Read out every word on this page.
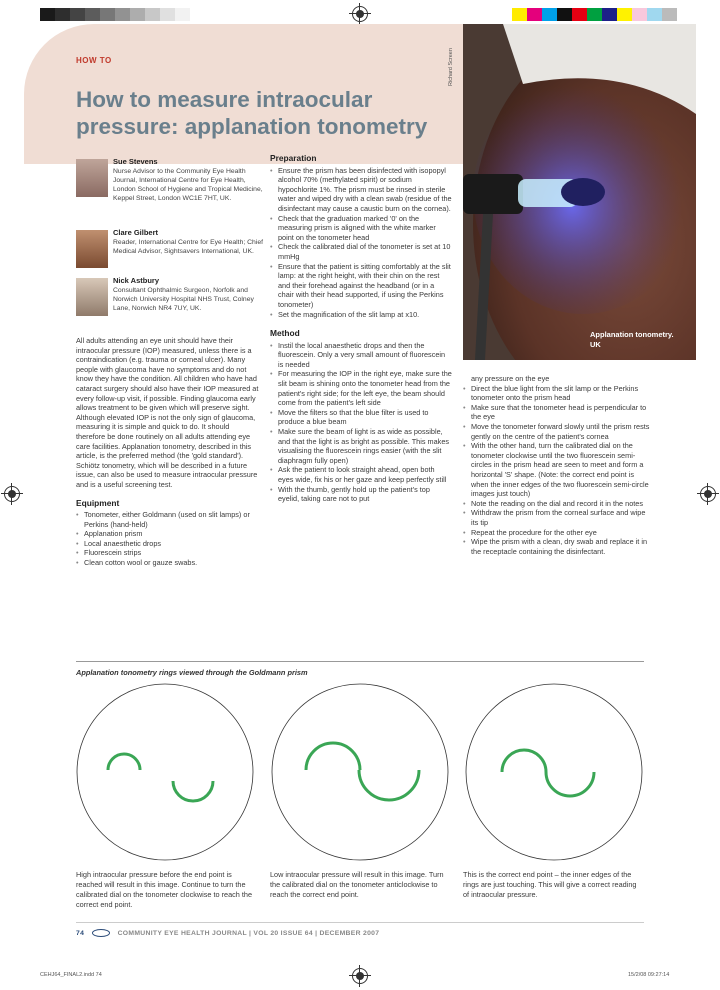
HOW TO
How to measure intraocular pressure: applanation tonometry
Richard Screen
Applanation tonometry. UK
Sue Stevens
Nurse Advisor to the Community Eye Health Journal, International Centre for Eye Health, London School of Hygiene and Tropical Medicine, Keppel Street, London WC1E 7HT, UK.
Clare Gilbert
Reader, International Centre for Eye Health; Chief Medical Advisor, Sightsavers International, UK.
Nick Astbury
Consultant Ophthalmic Surgeon, Norfolk and Norwich University Hospital NHS Trust, Colney Lane, Norwich NR4 7UY, UK.

All adults attending an eye unit should have their intraocular pressure (IOP) measured, unless there is a contraindication (e.g. trauma or corneal ulcer). Many people with glaucoma have no symptoms and do not know they have the condition. All children who have had cataract surgery should also have their IOP measured at every follow-up visit, if possible. Finding glaucoma early allows treatment to be given which will preserve sight. Although elevated IOP is not the only sign of glaucoma, measuring it is simple and quick to do. It should therefore be done routinely on all adults attending eye care facilities. Applanation tonometry, described in this article, is the preferred method (the 'gold standard'). Schiötz tonometry, which will be described in a future issue, can also be used to measure intraocular pressure and is a useful screening test.

Equipment
• Tonometer, either Goldmann (used on slit lamps) or Perkins (hand-held)
• Applanation prism
• Local anaesthetic drops
• Fluorescein strips
• Clean cotton wool or gauze swabs.
Preparation
• Ensure the prism has been disinfected with isopopyl alcohol 70% (methylated spirit) or sodium hypochlorite 1%. The prism must be rinsed in sterile water and wiped dry with a clean swab (residue of the disinfectant may cause a caustic burn on the cornea).
• Check that the graduation marked '0' on the measuring prism is aligned with the white marker point on the tonometer head
• Check the calibrated dial of the tonometer is set at 10 mmHg
• Ensure that the patient is sitting comfortably at the slit lamp: at the right height, with their chin on the rest and their forehead against the headband (or in a chair with their head supported, if using the Perkins tonometer)
• Set the magnification of the slit lamp at x10.
Method
• Instil the local anaesthetic drops and then the fluorescein. Only a very small amount of fluorescein is needed
• For measuring the IOP in the right eye, make sure the slit beam is shining onto the tonometer head from the patient's right side; for the left eye, the beam should come from the patient's left side
• Move the filters so that the blue filter is used to produce a blue beam
• Make sure the beam of light is as wide as possible, and that the light is as bright as possible. This makes visualising the fluorescein rings easier (with the slit diaphragm fully open)
• Ask the patient to look straight ahead, open both eyes wide, fix his or her gaze and keep perfectly still
• With the thumb, gently hold up the patient's top eyelid, taking care not to put

any pressure on the eye

• Direct the blue light from the slit lamp or the Perkins tonometer onto the prism head
• Make sure that the tonometer head is perpendicular to the eye
• Move the tonometer forward slowly until the prism rests gently on the centre of the patient's cornea
• With the other hand, turn the calibrated dial on the tonometer clockwise until the two fluorescein semi-circles in the prism head are seen to meet and form a horizontal 'S' shape. (Note: the correct end point is when the inner edges of the two fluorescein semi-circle images just touch)
• Note the reading on the dial and record it in the notes
• Withdraw the prism from the corneal surface and wipe its tip
• Repeat the procedure for the other eye
• Wipe the prism with a clean, dry swab and replace it in the receptacle containing the disinfectant.
Applanation tonometry rings viewed through the Goldmann prism
High intraocular pressure before the end point is reached will result in this image. Continue to turn the calibrated dial on the tonometer clockwise to reach the correct end point.
Low intraocular pressure will result in this image. Turn the calibrated dial on the tonometer anticlockwise to reach the correct end point.
This is the correct end point – the inner edges of the rings are just touching. This will give a correct reading of intraocular pressure.
74	COMMUNITY EYE HEALTH JOURNAL | VOL 20 ISSUE 64 | DECEMBER 2007
CEHJ64_FINAL2.indd 74	15/2/08 09:27:14
